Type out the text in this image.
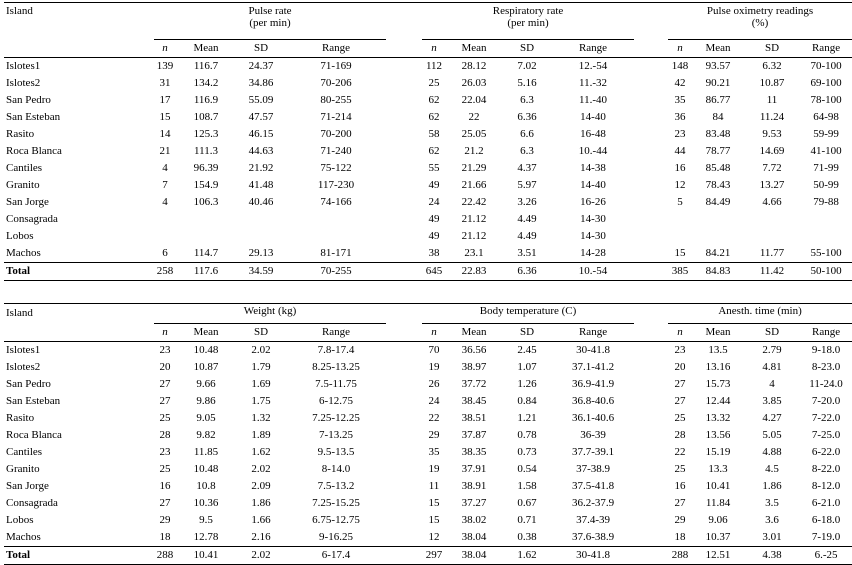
Island		Pulse rate
(per min)						Respiratory rate
(per min)						Pulse oximetry readings
(%)			
		n	Mean	SD	Range			n	Mean	SD	Range			n	Mean	SD	Range
Islotes1		139	116.7	24.37	71-169			112	28.12	7.02	12.-54			148	93.57	6.32	70-100
Islotes2		31	134.2	34.86	70-206			25	26.03	5.16	11.-32			42	90.21	10.87	69-100
San Pedro		17	116.9	55.09	80-255			62	22.04	6.3	11.-40			35	86.77	11	78-100
San Esteban		15	108.7	47.57	71-214			62	22	6.36	14-40			36	84	11.24	64-98
Rasito		14	125.3	46.15	70-200			58	25.05	6.6	16-48			23	83.48	9.53	59-99
Roca Blanca		21	111.3	44.63	71-240			62	21.2	6.3	10.-44			44	78.77	14.69	41-100
Cantiles		4	96.39	21.92	75-122			55	21.29	4.37	14-38			16	85.48	7.72	71-99
Granito		7	154.9	41.48	117-230			49	21.66	5.97	14-40			12	78.43	13.27	50-99
San Jorge		4	106.3	40.46	74-166			24	22.42	3.26	16-26			5	84.49	4.66	79-88
Consagrada								49	21.12	4.49	14-30						
Lobos								49	21.12	4.49	14-30						
Machos		6	114.7	29.13	81-171			38	23.1	3.51	14-28			15	84.21	11.77	55-100
Total		258	117.6	34.59	70-255			645	22.83	6.36	10.-54			385	84.83	11.42	50-100
Island		Weight (kg)						Body temperature (C)						Anesth. time (min)			
		n	Mean	SD	Range			n	Mean	SD	Range			n	Mean	SD	Range
Islotes1		23	10.48	2.02	7.8-17.4			70	36.56	2.45	30-41.8			23	13.5	2.79	9-18.0
Islotes2		20	10.87	1.79	8.25-13.25			19	38.97	1.07	37.1-41.2			20	13.16	4.81	8-23.0
San Pedro		27	9.66	1.69	7.5-11.75			26	37.72	1.26	36.9-41.9			27	15.73	4	11-24.0
San Esteban		27	9.86	1.75	6-12.75			24	38.45	0.84	36.8-40.6			27	12.44	3.85	7-20.0
Rasito		25	9.05	1.32	7.25-12.25			22	38.51	1.21	36.1-40.6			25	13.32	4.27	7-22.0
Roca Blanca		28	9.82	1.89	7-13.25			29	37.87	0.78	36-39			28	13.56	5.05	7-25.0
Cantiles		23	11.85	1.62	9.5-13.5			35	38.35	0.73	37.7-39.1			22	15.19	4.88	6-22.0
Granito		25	10.48	2.02	8-14.0			19	37.91	0.54	37-38.9			25	13.3	4.5	8-22.0
San Jorge		16	10.8	2.09	7.5-13.2			11	38.91	1.58	37.5-41.8			16	10.41	1.86	8-12.0
Consagrada		27	10.36	1.86	7.25-15.25			15	37.27	0.67	36.2-37.9			27	11.84	3.5	6-21.0
Lobos		29	9.5	1.66	6.75-12.75			15	38.02	0.71	37.4-39			29	9.06	3.6	6-18.0
Machos		18	12.78	2.16	9-16.25			12	38.04	0.38	37.6-38.9			18	10.37	3.01	7-19.0
Total		288	10.41	2.02	6-17.4			297	38.04	1.62	30-41.8			288	12.51	4.38	6.-25
